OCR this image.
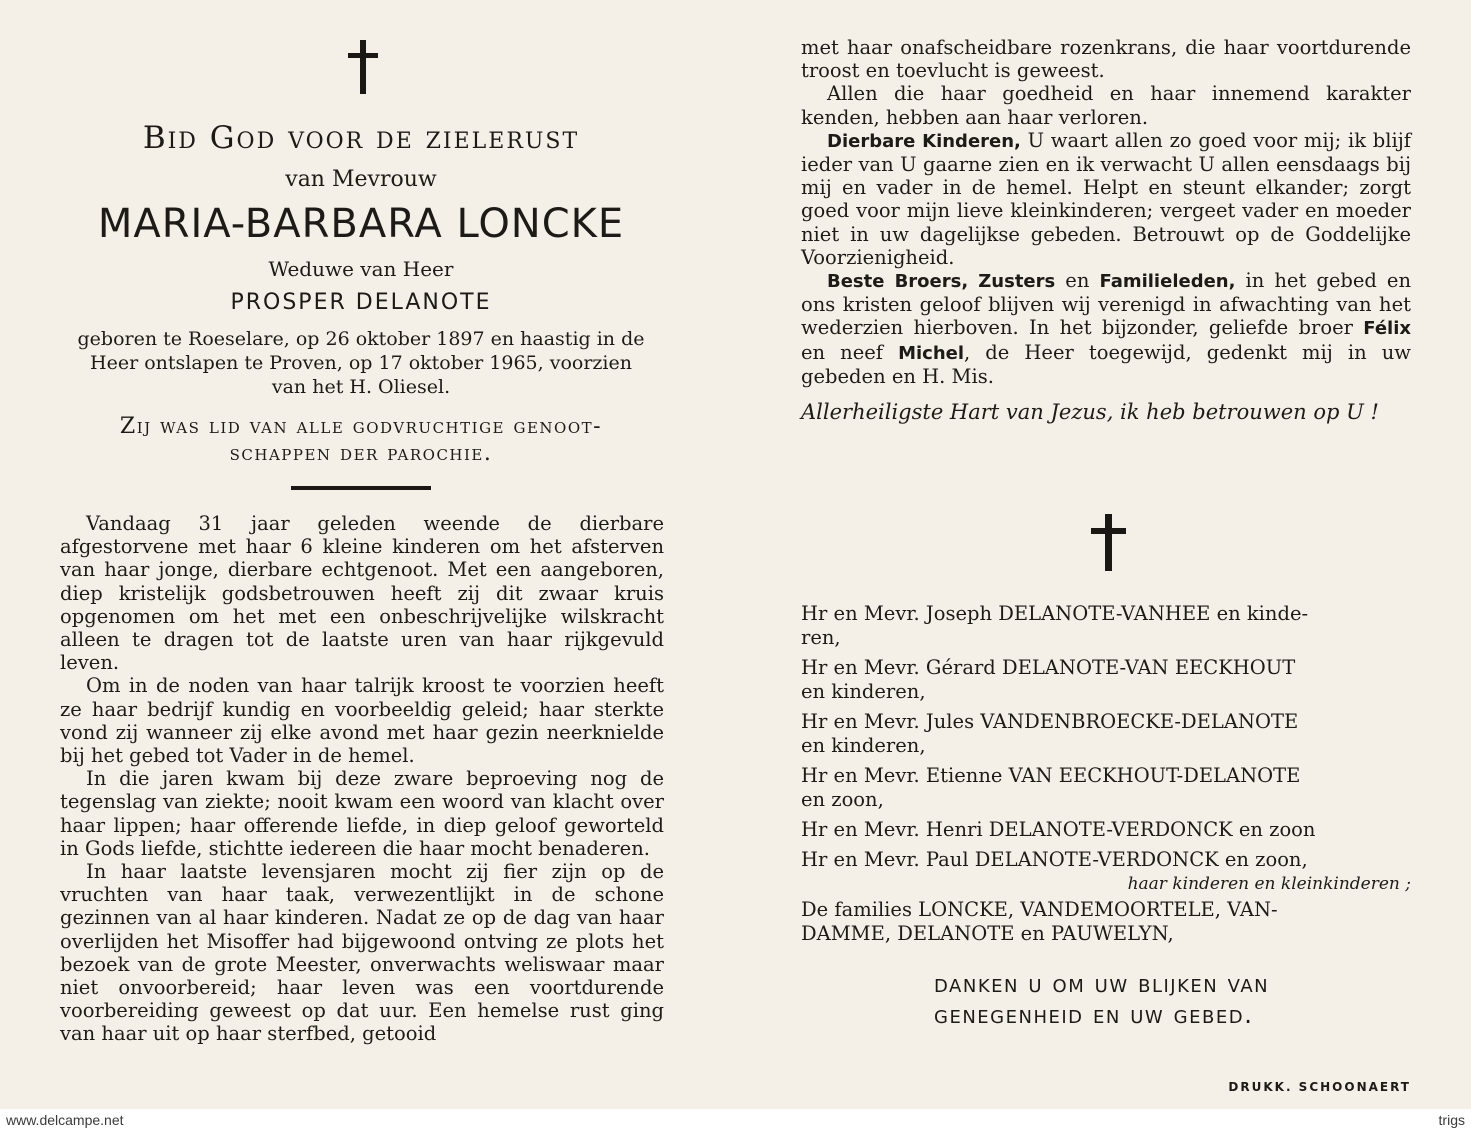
Bid God voor de zielerust
van Mevrouw
MARIA-BARBARA LONCKE
Weduwe van Heer
PROSPER DELANOTE
geboren te Roeselare, op 26 oktober 1897 en haastig in de
Heer ontslapen te Proven, op 17 oktober 1965, voorzien
van het H. Oliesel.
Zij was lid van alle godvruchtige genoot-
schappen der parochie.

Vandaag 31 jaar geleden weende de dierbare afgestorvene met haar 6 kleine kinderen om het afsterven van haar jonge, dierbare echtgenoot. Met een aangeboren, diep kristelijk godsbetrouwen heeft zij dit zwaar kruis opgenomen om het met een onbeschrijvelijke wilskracht alleen te dragen tot de laatste uren van haar rijkgevuld leven.

Om in de noden van haar talrijk kroost te voorzien heeft ze haar bedrijf kundig en voorbeeldig geleid; haar sterkte vond zij wanneer zij elke avond met haar gezin neerknielde bij het gebed tot Vader in de hemel.

In die jaren kwam bij deze zware beproeving nog de tegenslag van ziekte; nooit kwam een woord van klacht over haar lippen; haar offerende liefde, in diep geloof geworteld in Gods liefde, stichtte iedereen die haar mocht benaderen.

In haar laatste levensjaren mocht zij fier zijn op de vruchten van haar taak, verwezentlijkt in de schone gezinnen van al haar kinderen. Nadat ze op de dag van haar overlijden het Misoffer had bijgewoond ontving ze plots het bezoek van de grote Meester, onverwachts weliswaar maar niet onvoorbereid; haar leven was een voortdurende voorbereiding geweest op dat uur. Een hemelse rust ging van haar uit op haar sterfbed, getooid

met haar onafscheidbare rozenkrans, die haar voortdurende troost en toevlucht is geweest.

Allen die haar goedheid en haar innemend karakter kenden, hebben aan haar verloren.

Dierbare Kinderen, U waart allen zo goed voor mij; ik blijf ieder van U gaarne zien en ik verwacht U allen eensdaags bij mij en vader in de hemel. Helpt en steunt elkander; zorgt goed voor mijn lieve kleinkinderen; vergeet vader en moeder niet in uw dagelijkse gebeden. Betrouwt op de Goddelijke Voorzienigheid.

Beste Broers, Zusters en Familieleden, in het gebed en ons kristen geloof blijven wij verenigd in afwachting van het wederzien hierboven. In het bijzonder, geliefde broer Félix en neef Michel, de Heer toegewijd, gedenkt mij in uw gebeden en H. Mis.

Allerheiligste Hart van Jezus, ik heb betrouwen op U !
Hr en Mevr. Joseph DELANOTE-VANHEE en kinde-
ren,
Hr en Mevr. Gérard DELANOTE-VAN EECKHOUT
en kinderen,
Hr en Mevr. Jules VANDENBROECKE-DELANOTE
en kinderen,
Hr en Mevr. Etienne VAN EECKHOUT-DELANOTE
en zoon,
Hr en Mevr. Henri DELANOTE-VERDONCK en zoon
Hr en Mevr. Paul DELANOTE-VERDONCK en zoon,
haar kinderen en kleinkinderen ;
De families LONCKE, VANDEMOORTELE, VAN-
DAMME, DELANOTE en PAUWELYN,
danken u om uw blijken van
genegenheid en uw gebed.
DRUKK. SCHOONAERT
www.delcampe.net	trigs
